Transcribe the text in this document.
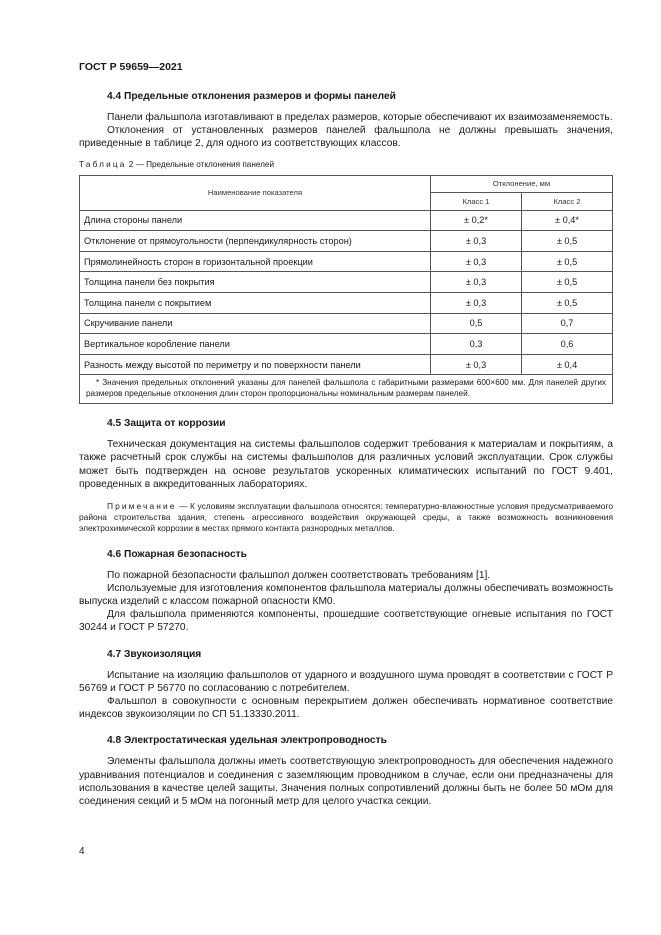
ГОСТ Р 59659—2021
4.4 Предельные отклонения размеров и формы панелей

Панели фальшпола изготавливают в пределах размеров, которые обеспечивают их взаимозаменяемость.

Отклонения от установленных размеров панелей фальшпола не должны превышать значения, приведенные в таблице 2, для одного из соответствующих классов.

Таблица 2 — Предельные отклонения панелей
Наименование показателя	Отклонение, мм	
	Класс 1	Класс 2
Длина стороны панели	± 0,2*	± 0,4*
Отклонение от прямоугольности (перпендикулярность сторон)	± 0,3	± 0,5
Прямолинейность сторон в горизонтальной проекции	± 0,3	± 0,5
Толщина панели без покрытия	± 0,3	± 0,5
Толщина панели с покрытием	± 0,3	± 0,5
Скручивание панели	0,5	0,7
Вертикальное коробление панели	0,3	0,6
Разность между высотой по периметру и по поверхности панели	± 0,3	± 0,4
* Значения предельных отклонений указаны для панелей фальшпола с габаритными размерами 600×600 мм. Для панелей других размеров предельные отклонения длин сторон пропорциональны номинальным размерам панелей.		
4.5 Защита от коррозии

Техническая документация на системы фальшполов содержит требования к материалам и покрытиям, а также расчетный срок службы на системы фальшполов для различных условий эксплуатации. Срок службы может быть подтвержден на основе результатов ускоренных климатических испытаний по ГОСТ 9.401, проведенных в аккредитованных лабораториях.

Примечание — К условиям эксплуатации фальшпола относятся: температурно-влажностные условия предусматриваемого района строительства здания, степень агрессивного воздействия окружающей среды, а также возможность возникновения электрохимической коррозии в местах прямого контакта разнородных металлов.

4.6 Пожарная безопасность

По пожарной безопасности фальшпол должен соответствовать требованиям [1].

Используемые для изготовления компонентов фальшпола материалы должны обеспечивать возможность выпуска изделий с классом пожарной опасности КМ0.

Для фальшпола применяются компоненты, прошедшие соответствующие огневые испытания по ГОСТ 30244 и ГОСТ Р 57270.

4.7 Звукоизоляция

Испытание на изоляцию фальшполов от ударного и воздушного шума проводят в соответствии с ГОСТ Р 56769 и ГОСТ Р 56770 по согласованию с потребителем.

Фальшпол в совокупности с основным перекрытием должен обеспечивать нормативное соответствие индексов звукоизоляции по СП 51.13330.2011.

4.8 Электростатическая удельная электропроводность

Элементы фальшпола должны иметь соответствующую электропроводность для обеспечения надежного уравнивания потенциалов и соединения с заземляющим проводником в случае, если они предназначены для использования в качестве целей защиты. Значения полных сопротивлений должны быть не более 50 мОм для соединения секций и 5 мОм на погонный метр для целого участка секции.

4
